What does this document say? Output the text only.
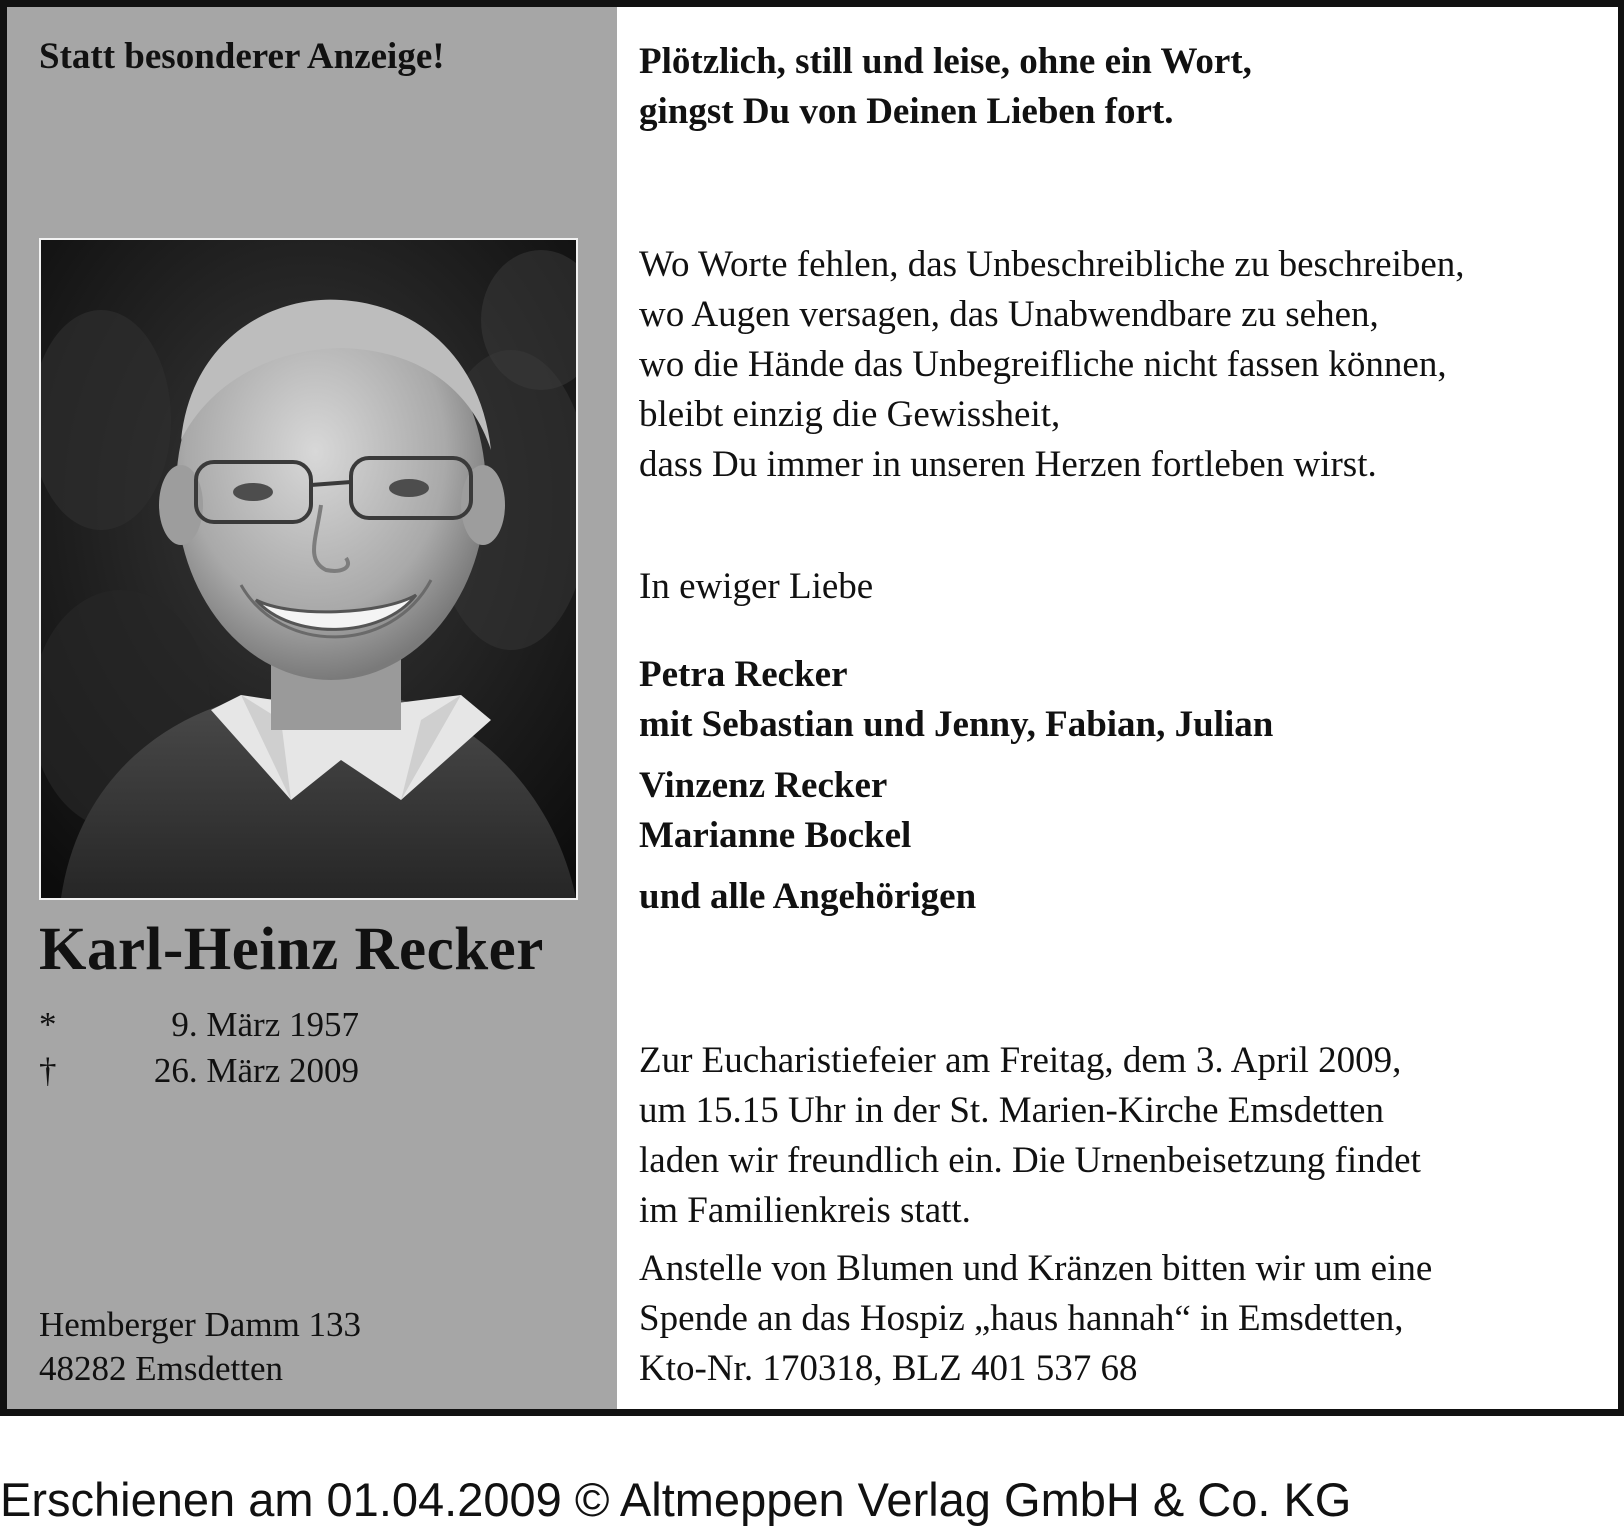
Statt besonderer Anzeige!
Karl-Heinz Recker
*	9. März 1957
†	26. März 2009
Hemberger Damm 133
48282 Emsdetten
Plötzlich, still und leise, ohne ein Wort,
gingst Du von Deinen Lieben fort.
Wo Worte fehlen, das Unbeschreibliche zu beschreiben,
wo Augen versagen, das Unabwendbare zu sehen,
wo die Hände das Unbegreifliche nicht fassen können,
bleibt einzig die Gewissheit,
dass Du immer in unseren Herzen fortleben wirst.
In ewiger Liebe
Petra Recker
mit Sebastian und Jenny, Fabian, Julian
Vinzenz Recker
Marianne Bockel
und alle Angehörigen
Zur Eucharistiefeier am Freitag, dem 3. April 2009,
um 15.15 Uhr in der St. Marien-Kirche Emsdetten
laden wir freundlich ein. Die Urnenbeisetzung findet
im Familienkreis statt.
Anstelle von Blumen und Kränzen bitten wir um eine
Spende an das Hospiz „haus hannah“ in Emsdetten,
Kto-Nr. 170318, BLZ 401 537 68
Erschienen am 01.04.2009 © Altmeppen Verlag GmbH & Co. KG
